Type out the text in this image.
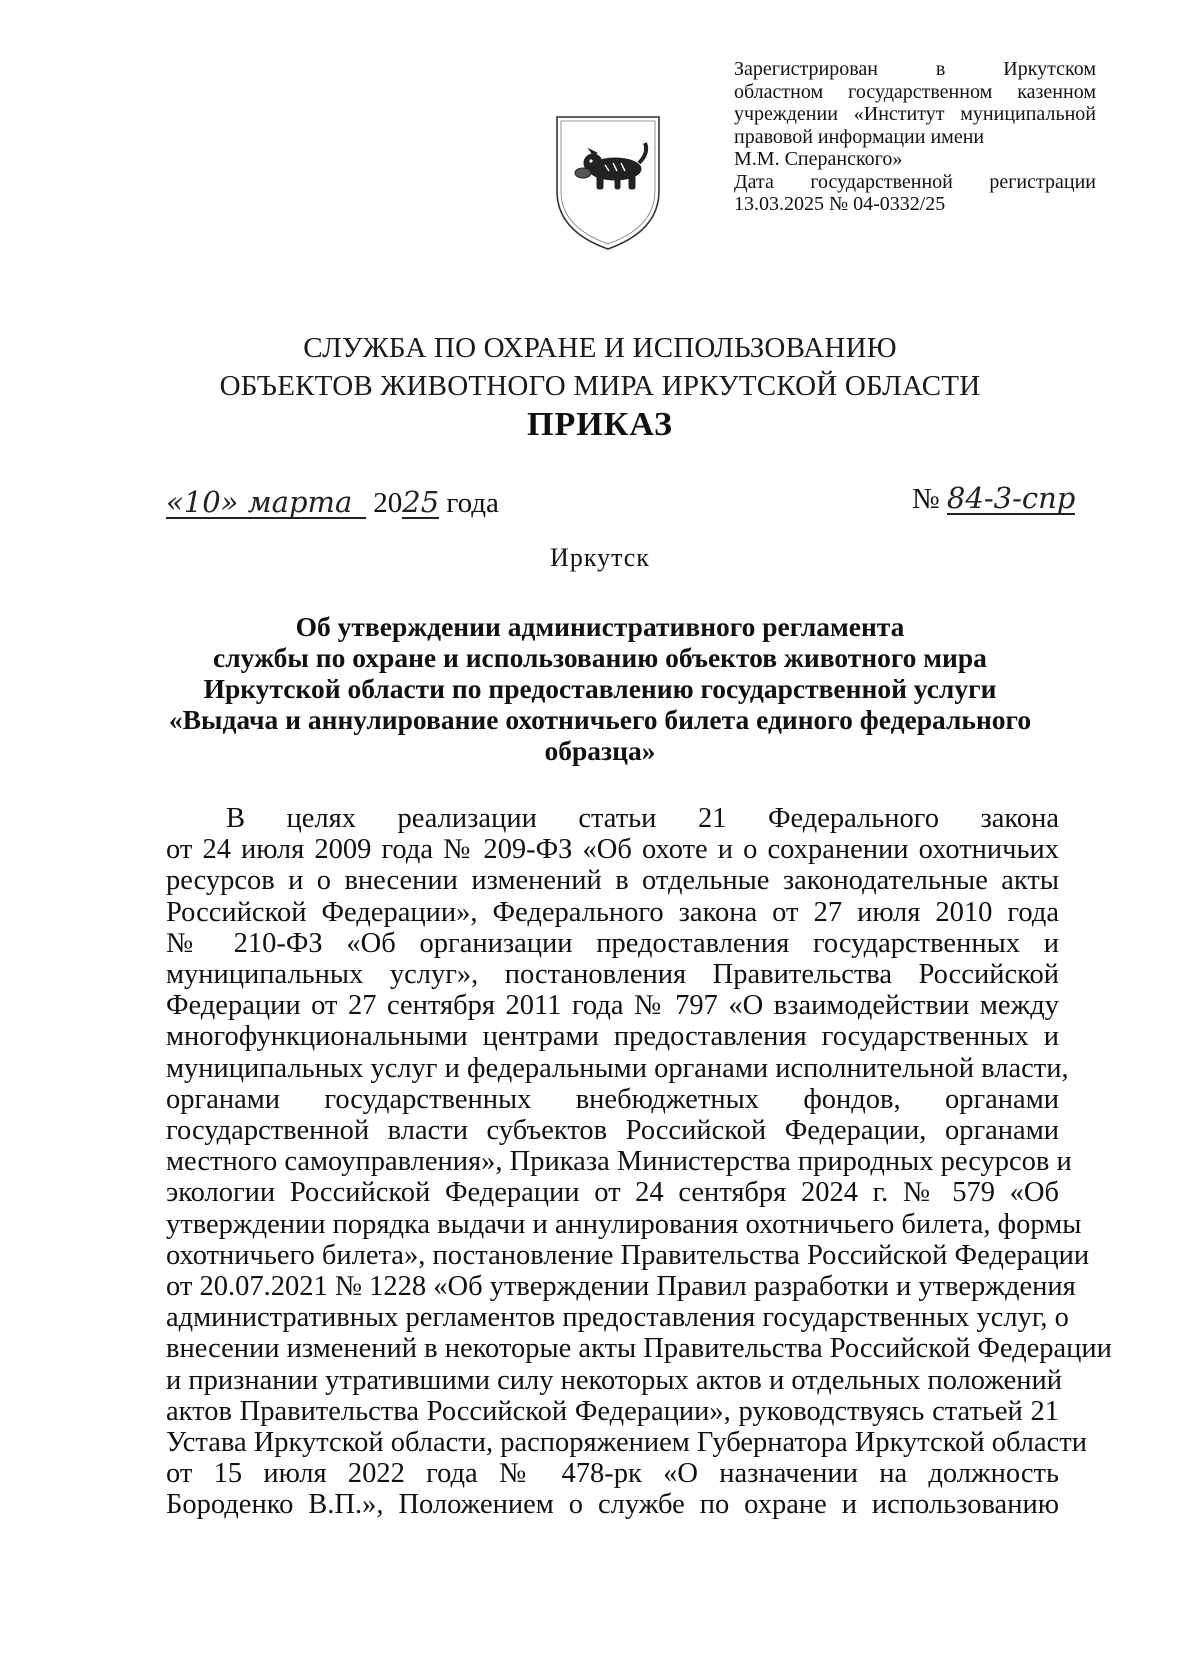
Зарегистрирован в Иркутском
областном государственном казенном
учреждении «Институт муниципальной
правовой информации имени
М.М. Сперанского»
Дата государственной регистрации
13.03.2025 № 04-0332/25
СЛУЖБА ПО ОХРАНЕ И ИСПОЛЬЗОВАНИЮ
ОБЪЕКТОВ ЖИВОТНОГО МИРА ИРКУТСКОЙ ОБЛАСТИ
ПРИКАЗ
«10» марта 2025 года	№ 84-3-спр
Иркутск
Об утверждении административного регламента
службы по охране и использованию объектов животного мира
Иркутской области по предоставлению государственной услуги
«Выдача и аннулирование охотничьего билета единого федерального
образца»
В целях реализации статьи 21 Федерального закона
от 24 июля 2009 года № 209-ФЗ «Об охоте и о сохранении охотничьих
ресурсов и о внесении изменений в отдельные законодательные акты
Российской Федерации», Федерального закона от 27 июля 2010 года
№ 210-ФЗ «Об организации предоставления государственных и
муниципальных услуг», постановления Правительства Российской
Федерации от 27 сентября 2011 года № 797 «О взаимодействии между
многофункциональными центрами предоставления государственных и
муниципальных услуг и федеральными органами исполнительной власти,
органами государственных внебюджетных фондов, органами
государственной власти субъектов Российской Федерации, органами
местного самоуправления», Приказа Министерства природных ресурсов и
экологии Российской Федерации от 24 сентября 2024 г. № 579 «Об
утверждении порядка выдачи и аннулирования охотничьего билета, формы
охотничьего билета», постановление Правительства Российской Федерации
от 20.07.2021 № 1228 «Об утверждении Правил разработки и утверждения
административных регламентов предоставления государственных услуг, о
внесении изменений в некоторые акты Правительства Российской Федерации
и признании утратившими силу некоторых актов и отдельных положений
актов Правительства Российской Федерации», руководствуясь статьей 21
Устава Иркутской области, распоряжением Губернатора Иркутской области
от 15 июля 2022 года № 478-рк «О назначении на должность
Бороденко В.П.», Положением о службе по охране и использованию
